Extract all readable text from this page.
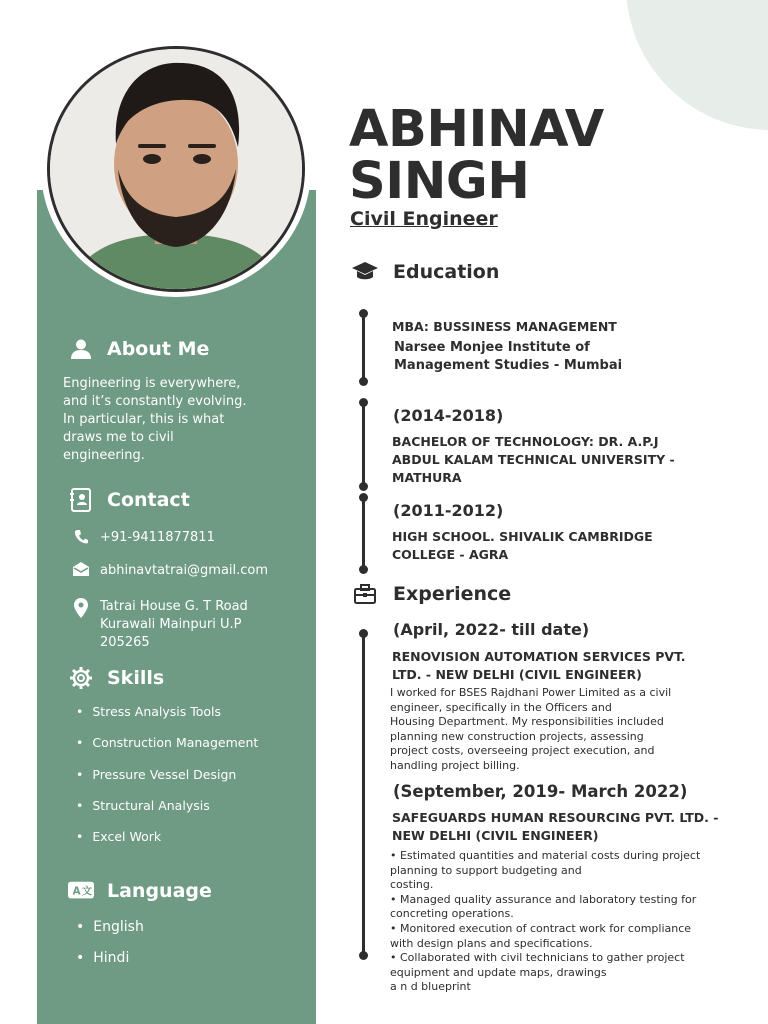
ABHINAV
SINGH
Civil Engineer
About Me
Engineering is everywhere,
and it’s constantly evolving.
In particular, this is what
draws me to civil
engineering.
Contact
+91-9411877811
abhinavtatrai@gmail.com
Tatrai House G. T Road
Kurawali Mainpuri U.P
205265
Skills
• Stress Analysis Tools
• Construction Management
• Pressure Vessel Design
• Structural Analysis
• Excel Work
A 文 Language
• English
• Hindi
Education
MBA: BUSSINESS MANAGEMENT
Narsee Monjee Institute of
Management Studies - Mumbai
(2014-2018)
BACHELOR OF TECHNOLOGY: DR. A.P.J
ABDUL KALAM TECHNICAL UNIVERSITY -
MATHURA
(2011-2012)
HIGH SCHOOL. SHIVALIK CAMBRIDGE
COLLEGE - AGRA
Experience
(April, 2022- till date)
RENOVISION AUTOMATION SERVICES PVT.
LTD. - NEW DELHI (CIVIL ENGINEER)
I worked for BSES Rajdhani Power Limited as a civil
engineer, specifically in the Officers and
Housing Department. My responsibilities included
planning new construction projects, assessing
project costs, overseeing project execution, and
handling project billing.
(September, 2019- March 2022)
SAFEGUARDS HUMAN RESOURCING PVT. LTD. -
NEW DELHI (CIVIL ENGINEER)
• Estimated quantities and material costs during project
planning to support budgeting and
costing.
• Managed quality assurance and laboratory testing for
concreting operations.
• Monitored execution of contract work for compliance
with design plans and specifications.
• Collaborated with civil technicians to gather project
equipment and update maps, drawings
a n d blueprint
